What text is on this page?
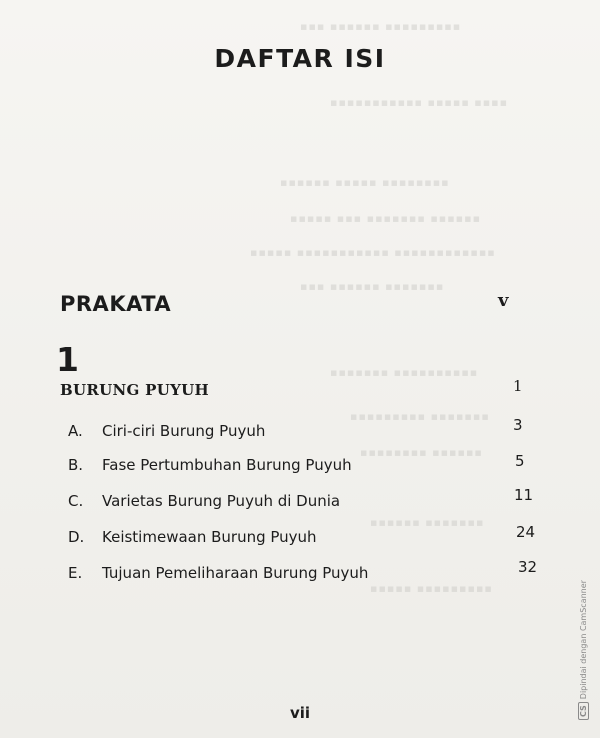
▪▪▪ ▪▪▪▪▪▪ ▪▪▪▪▪▪▪▪▪
▪▪▪▪▪▪▪▪▪▪▪ ▪▪▪▪▪ ▪▪▪▪
▪▪▪▪▪▪ ▪▪▪▪▪ ▪▪▪▪▪▪▪▪
▪▪▪▪▪ ▪▪▪ ▪▪▪▪▪▪▪ ▪▪▪▪▪▪
▪▪▪▪▪ ▪▪▪▪▪▪▪▪▪▪▪ ▪▪▪▪▪▪▪▪▪▪▪▪
▪▪▪ ▪▪▪▪▪▪ ▪▪▪▪▪▪▪
▪▪▪▪▪▪▪ ▪▪▪▪▪▪▪▪▪▪
▪▪▪▪▪▪▪▪▪ ▪▪▪▪▪▪▪
▪▪▪▪▪▪▪▪ ▪▪▪▪▪▪
▪▪▪▪▪▪ ▪▪▪▪▪▪▪
▪▪▪▪▪ ▪▪▪▪▪▪▪▪▪
DAFTAR ISI
PRAKATA	v
1
BURUNG PUYUH	1
A. Ciri-ciri Burung Puyuh	3
B. Fase Pertumbuhan Burung Puyuh	5
C. Varietas Burung Puyuh di Dunia	11
D. Keistimewaan Burung Puyuh	24
E. Tujuan Pemeliharaan Burung Puyuh	32
vii	CSDipindai dengan CamScanner
